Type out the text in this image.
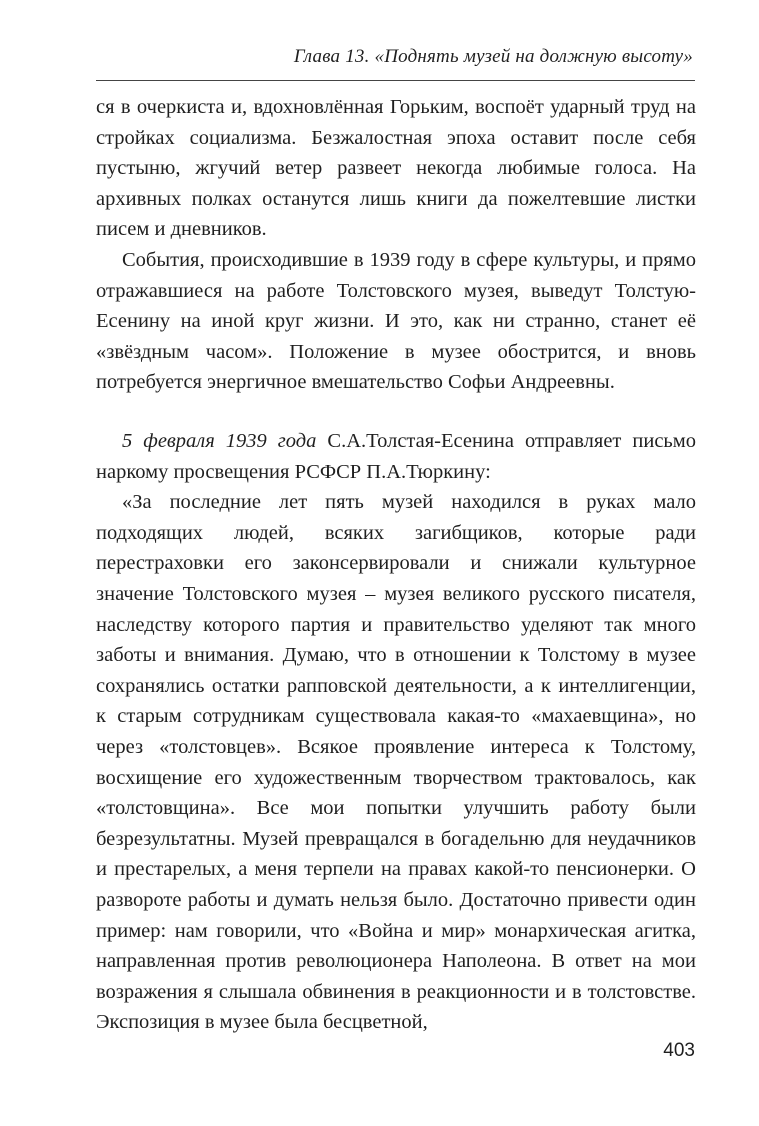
Глава 13. «Поднять музей на должную высоту»

ся в очеркиста и, вдохновлённая Горьким, воспоёт ударный труд на стройках социализма. Безжалостная эпоха оставит после себя пустыню, жгучий ветер развеет некогда любимые голоса. На архивных полках останутся лишь книги да пожелтевшие листки писем и дневников.

События, происходившие в 1939 году в сфере культуры, и прямо отражавшиеся на работе Толстовского музея, выведут Толстую-Есенину на иной круг жизни. И это, как ни странно, станет её «звёздным часом». Положение в музее обострится, и вновь потребуется энергичное вмешательство Софьи Андреевны.

5 февраля 1939 года С.А.Толстая-Есенина отправляет письмо наркому просвещения РСФСР П.А.Тюркину:

«За последние лет пять музей находился в руках мало подходящих людей, всяких загибщиков, которые ради перестраховки его законсервировали и снижали культурное значение Толстовского музея – музея великого русского писателя, наследству которого партия и правительство уделяют так много заботы и внимания. Думаю, что в отношении к Толстому в музее сохранялись остатки рапповской деятельности, а к интеллигенции, к старым сотрудникам существовала какая-то «махаевщина», но через «толстовцев». Всякое проявление интереса к Толстому, восхищение его художественным творчеством трактовалось, как «толстовщина». Все мои попытки улучшить работу были безрезультатны. Музей превращался в богадельню для неудачников и престарелых, а меня терпели на правах какой-то пенсионерки. О развороте работы и думать нельзя было. Достаточно привести один пример: нам говорили, что «Война и мир» монархическая агитка, направленная против революционера Наполеона. В ответ на мои возражения я слышала обвинения в реакционности и в толстовстве. Экспозиция в музее была бесцветной,

403
